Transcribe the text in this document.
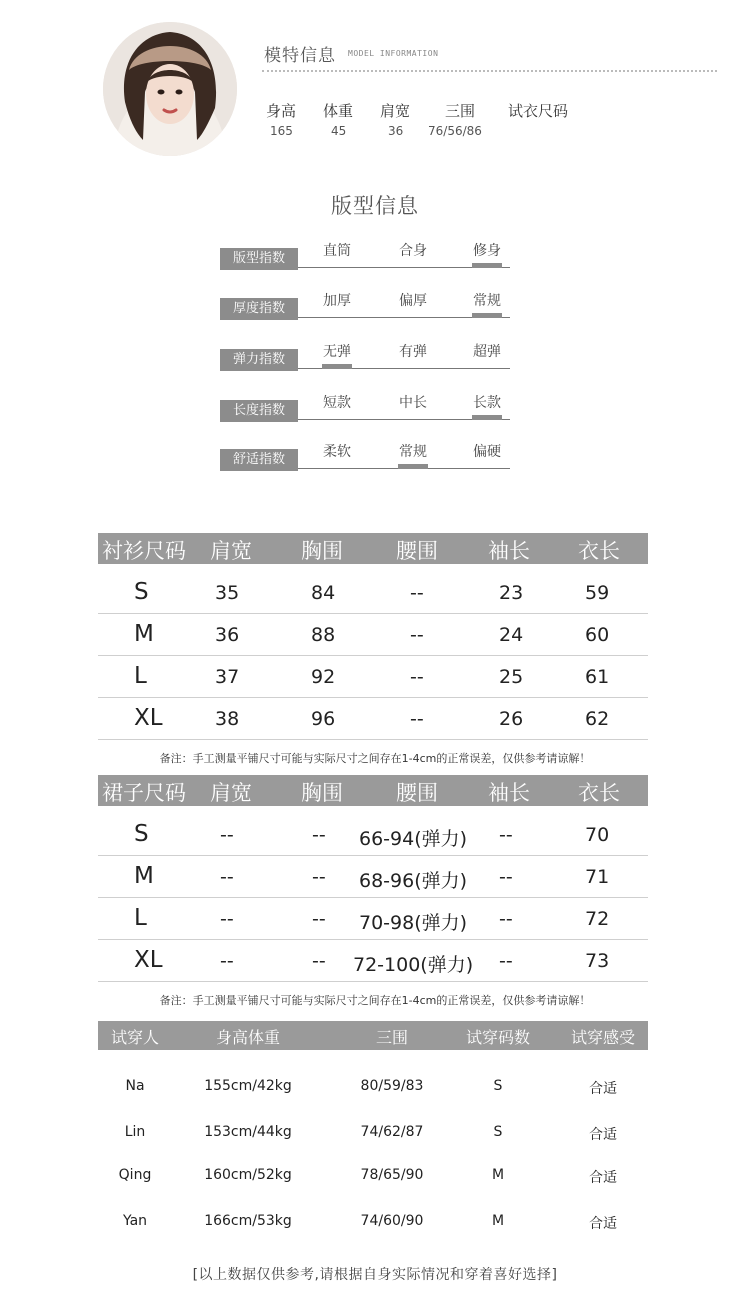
模特信息 MODEL INFORMATION
身高 体重 肩宽 三围 试衣尺码
165	45	36 76/56/86
版型信息
版型指数	直筒	合身	修身
厚度指数	加厚	偏厚	常规
弹力指数	无弹	有弹	超弹
长度指数	短款	中长	长款
舒适指数	柔软	常规	偏硬
衬衫尺码 肩宽 胸围	腰围 袖长 衣长
S	35	84	--	23	59
M	36	88	--	24	60
L	37	92	--	25	61
XL	38	96	--	26	62
备注：手工测量平铺尺寸可能与实际尺寸之间存在1-4cm的正常误差，仅供参考请谅解！
裙子尺码 肩宽 胸围	腰围 袖长 衣长
S	--	-- 66-94(弹力) --	70
M	--	-- 68-96(弹力) --	71
L	--	-- 70-98(弹力) --	72
XL	--	-- 72-100(弹力) --	73
备注：手工测量平铺尺寸可能与实际尺寸之间存在1-4cm的正常误差，仅供参考请谅解！
试穿人	身高体重	三围	试穿码数	试穿感受
Na	155cm/42kg	80/59/83	S	合适
Lin	153cm/44kg	74/62/87	S	合适
Qing	160cm/52kg	78/65/90	M	合适
Yan	166cm/53kg	74/60/90	M	合适
[以上数据仅供参考,请根据自身实际情况和穿着喜好选择]
